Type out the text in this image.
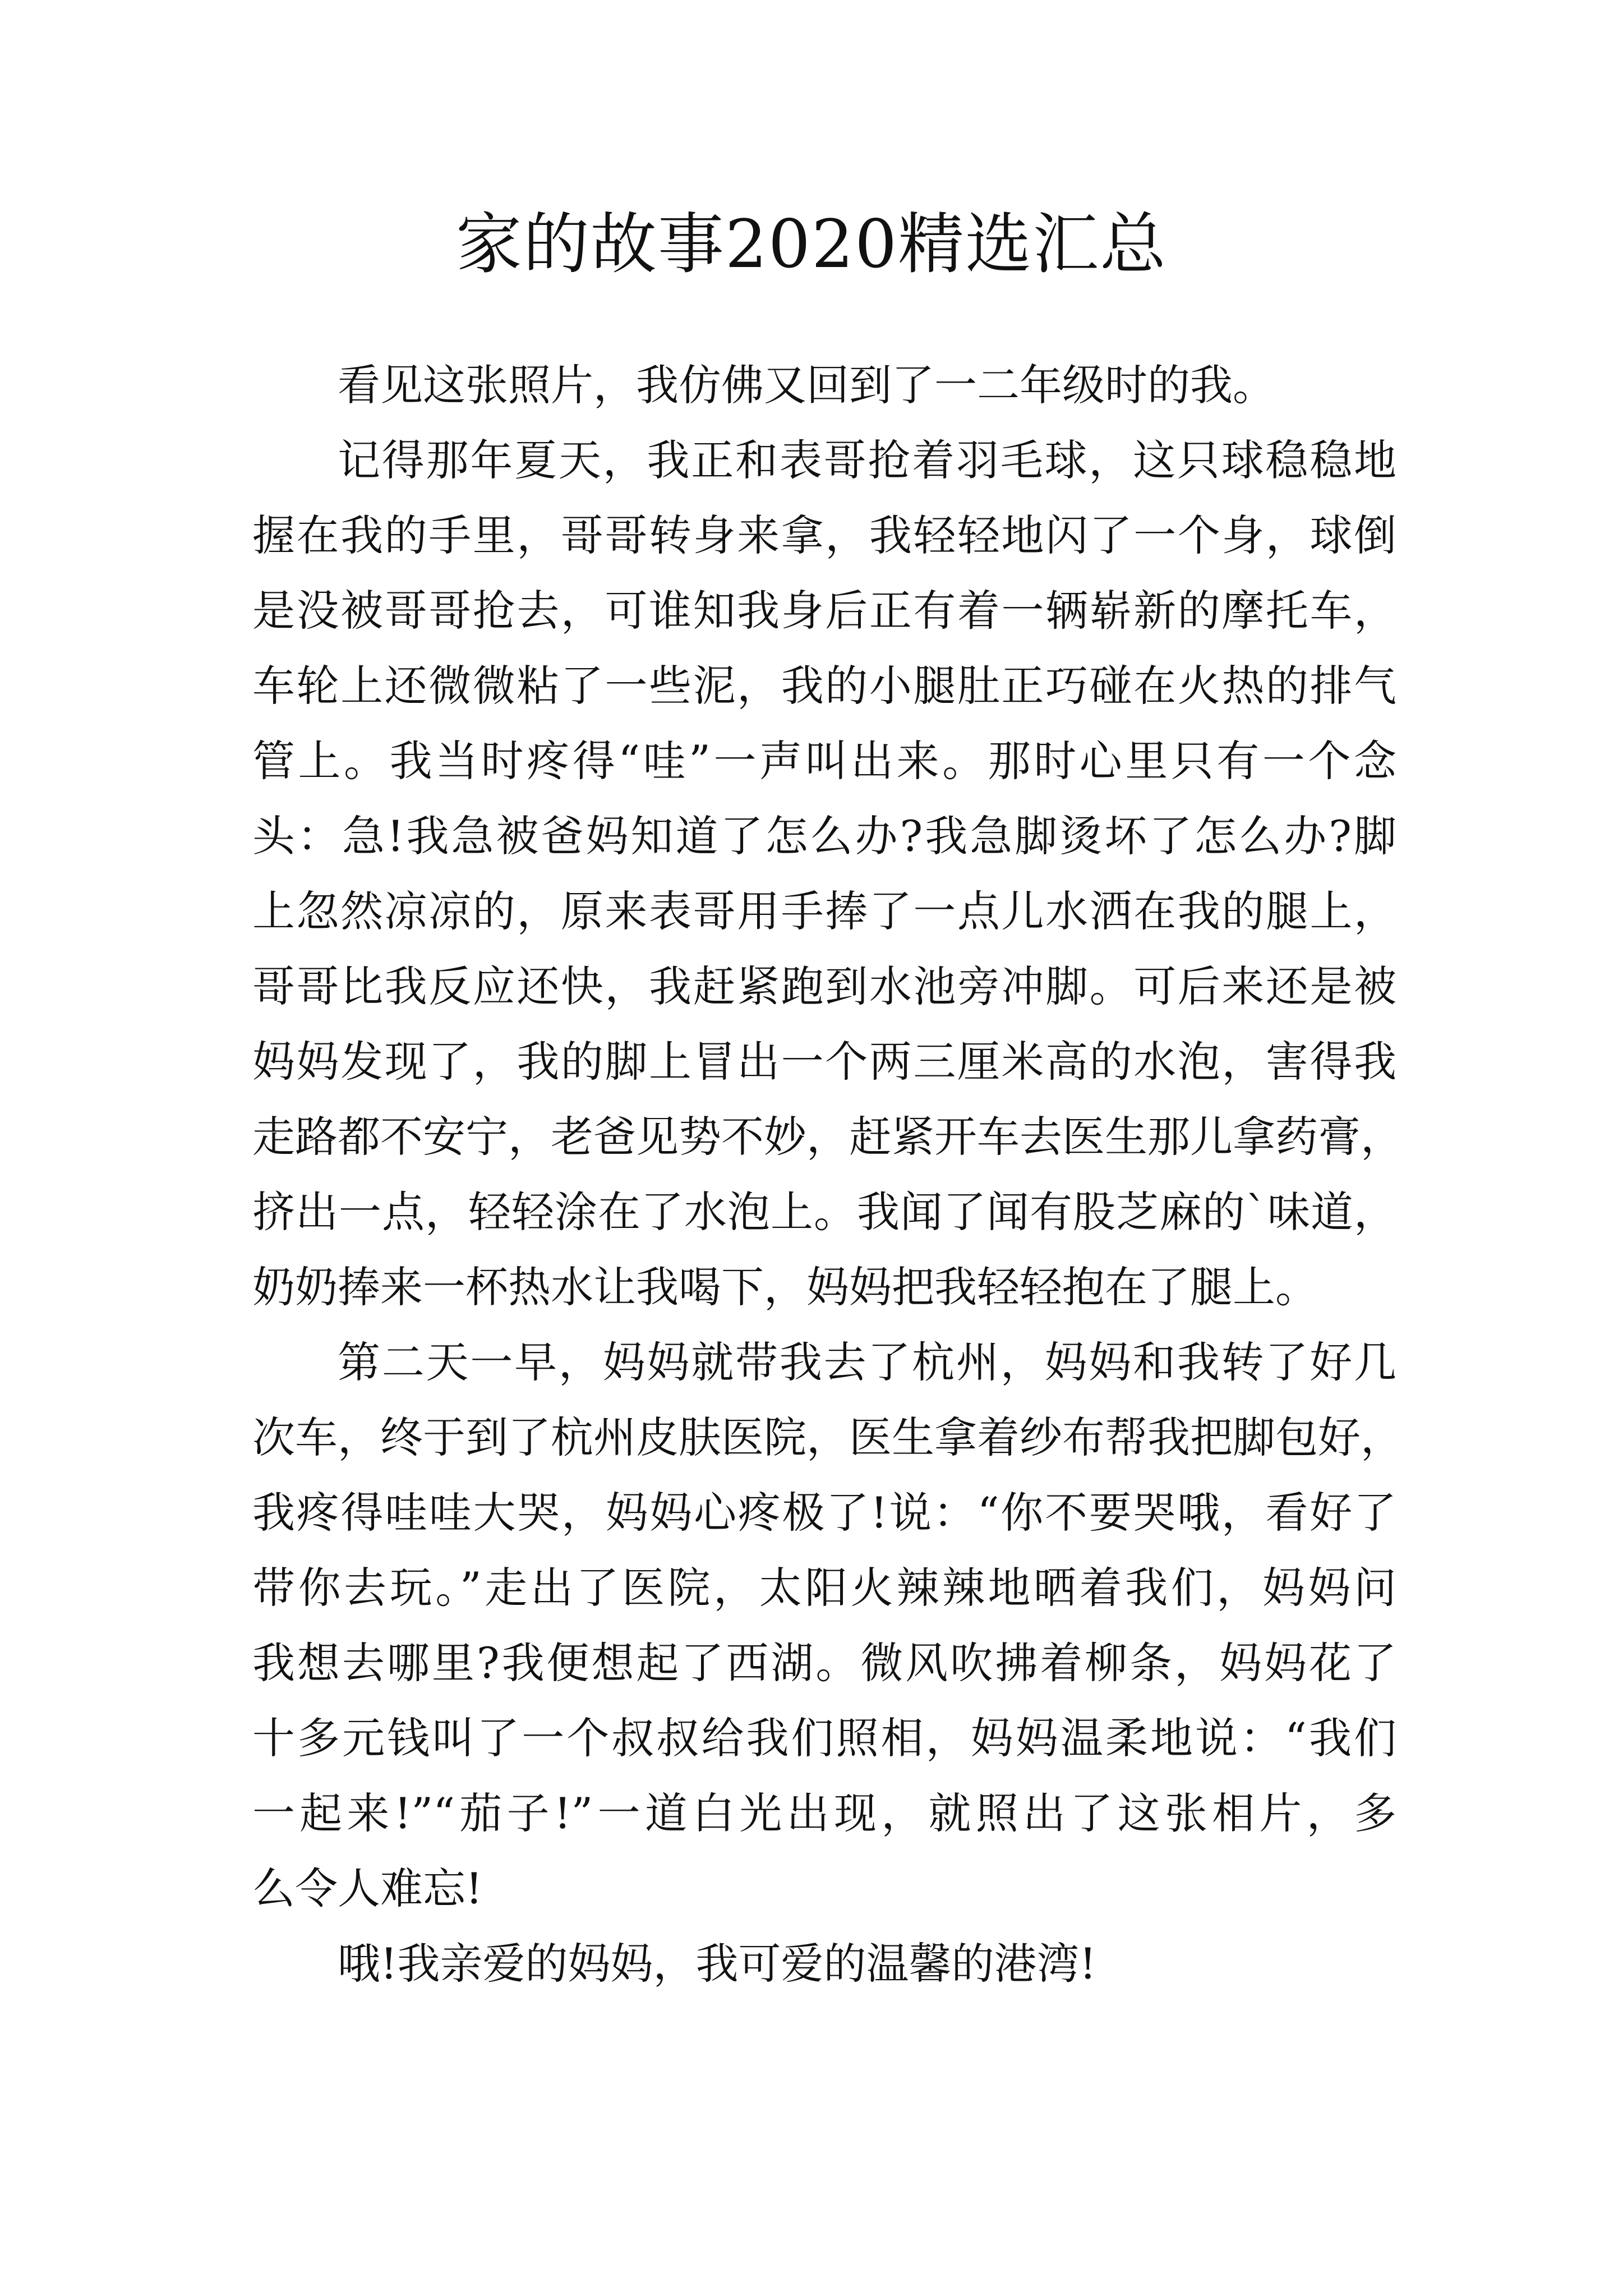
家的故事2020精选汇总
看见这张照片，我仿佛又回到了一二年级时的我。
记得那年夏天，我正和表哥抢着羽毛球，这只球稳稳地
握在我的手里，哥哥转身来拿，我轻轻地闪了一个身，球倒
是没被哥哥抢去，可谁知我身后正有着一辆崭新的摩托车，
车轮上还微微粘了一些泥，我的小腿肚正巧碰在火热的排气
管上。我当时疼得“哇”一声叫出来。那时心里只有一个念
头：急!我急被爸妈知道了怎么办?我急脚烫坏了怎么办?脚
上忽然凉凉的，原来表哥用手捧了一点儿水洒在我的腿上，
哥哥比我反应还快，我赶紧跑到水池旁冲脚。可后来还是被
妈妈发现了，我的脚上冒出一个两三厘米高的水泡，害得我
走路都不安宁，老爸见势不妙，赶紧开车去医生那儿拿药膏，
挤出一点，轻轻涂在了水泡上。我闻了闻有股芝麻的`味道，
奶奶捧来一杯热水让我喝下，妈妈把我轻轻抱在了腿上。
第二天一早，妈妈就带我去了杭州，妈妈和我转了好几
次车，终于到了杭州皮肤医院，医生拿着纱布帮我把脚包好，
我疼得哇哇大哭，妈妈心疼极了!说：“你不要哭哦，看好了
带你去玩。”走出了医院，太阳火辣辣地晒着我们，妈妈问
我想去哪里?我便想起了西湖。微风吹拂着柳条，妈妈花了
十多元钱叫了一个叔叔给我们照相，妈妈温柔地说：“我们
一起来!”“茄子!”一道白光出现，就照出了这张相片，多
么令人难忘!
哦!我亲爱的妈妈，我可爱的温馨的港湾!
